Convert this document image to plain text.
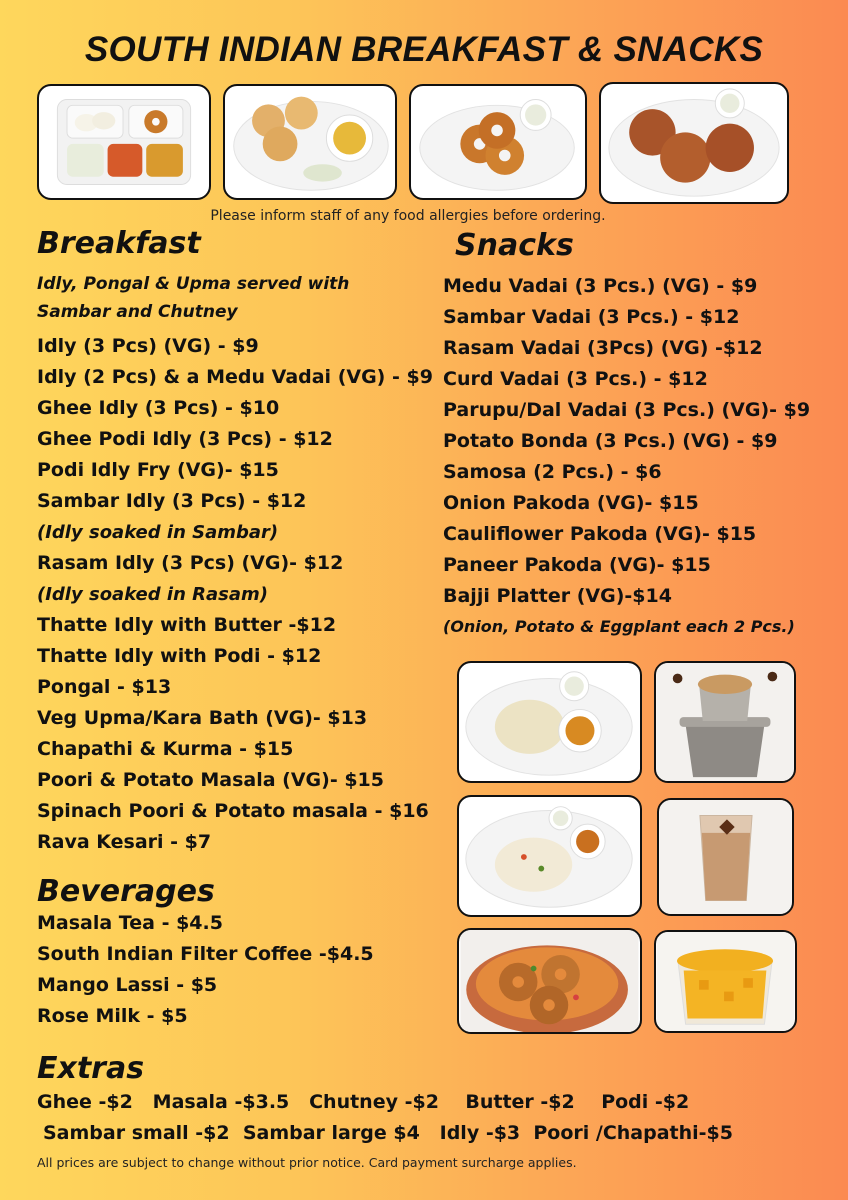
SOUTH INDIAN BREAKFAST & SNACKS
Please inform staff of any food allergies before ordering.
Breakfast
Idly, Pongal & Upma served with
Sambar and Chutney
Idly (3 Pcs) (VG) - $9
Idly (2 Pcs) & a Medu Vadai (VG) - $9
Ghee Idly (3 Pcs) - $10
Ghee Podi Idly (3 Pcs) - $12
Podi Idly Fry (VG)- $15
Sambar Idly (3 Pcs) - $12
(Idly soaked in Sambar)
Rasam Idly (3 Pcs) (VG)- $12
(Idly soaked in Rasam)
Thatte Idly with Butter -$12
Thatte Idly with Podi - $12
Pongal - $13
Veg Upma/Kara Bath (VG)- $13
Chapathi & Kurma - $15
Poori & Potato Masala (VG)- $15
Spinach Poori & Potato masala - $16
Rava Kesari - $7
Snacks
Medu Vadai (3 Pcs.) (VG) - $9
Sambar Vadai (3 Pcs.) - $12
Rasam Vadai (3Pcs) (VG) -$12
Curd Vadai (3 Pcs.) - $12
Parupu/Dal Vadai (3 Pcs.) (VG)- $9
Potato Bonda (3 Pcs.) (VG) - $9
Samosa (2 Pcs.) - $6
Onion Pakoda (VG)- $15
Cauliflower Pakoda (VG)- $15
Paneer Pakoda (VG)- $15
Bajji Platter (VG)-$14
(Onion, Potato & Eggplant each 2 Pcs.)
Beverages
Masala Tea - $4.5
South Indian Filter Coffee -$4.5
Mango Lassi - $5
Rose Milk - $5
Extras
Ghee -$2   Masala -$3.5   Chutney -$2    Butter -$2    Podi -$2
Sambar small -$2  Sambar large $4   Idly -$3  Poori /Chapathi-$5
All prices are subject to change without prior notice. Card payment surcharge applies.
